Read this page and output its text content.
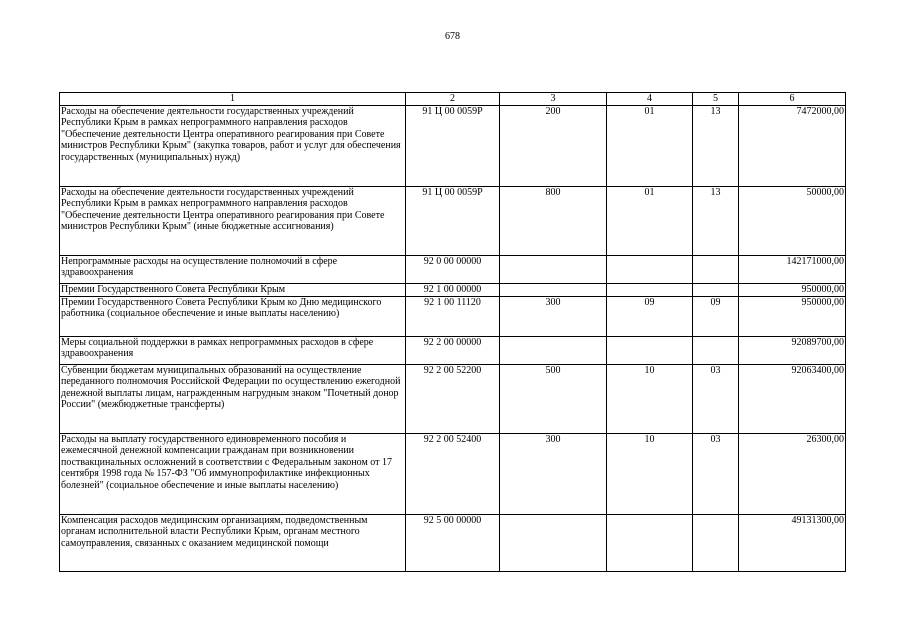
678
1	2	3	4	5	6
Расходы на обеспечение деятельности государственных учреждений Республики Крым в рамках непрограммного направления расходов "Обеспечение деятельности Центра оперативного реагирования при Совете министров Республики Крым" (закупка товаров, работ и услуг для обеспечения государственных (муниципальных) нужд)	91 Ц 00 0059Р	200	01	13	7472000,00
Расходы на обеспечение деятельности государственных учреждений Республики Крым в рамках непрограммного направления расходов "Обеспечение деятельности Центра оперативного реагирования при Совете министров Республики Крым" (иные бюджетные ассигнования)	91 Ц 00 0059Р	800	01	13	50000,00
Непрограммные расходы на осуществление полномочий в сфере здравоохранения	92 0 00 00000				142171000,00
Премии Государственного Совета Республики Крым	92 1 00 00000				950000,00
Премии Государственного Совета Республики Крым ко Дню медицинского работника (социальное обеспечение и иные выплаты населению)	92 1 00 11120	300	09	09	950000,00
Меры социальной поддержки в рамках непрограммных расходов в сфере здравоохранения	92 2 00 00000				92089700,00
Субвенции бюджетам муниципальных образований на осуществление переданного полномочия Российской Федерации по осуществлению ежегодной денежной выплаты лицам, награжденным нагрудным знаком "Почетный донор России" (межбюджетные трансферты)	92 2 00 52200	500	10	03	92063400,00
Расходы на выплату государственного единовременного пособия и ежемесячной денежной компенсации гражданам при возникновении поствакцинальных осложнений в соответствии с Федеральным законом от 17 сентября 1998 года № 157-ФЗ "Об иммунопрофилактике инфекционных болезней" (социальное обеспечение и иные выплаты населению)	92 2 00 52400	300	10	03	26300,00
Компенсация расходов медицинским организациям, подведомственным органам исполнительной власти Республики Крым, органам местного самоуправления, связанных с оказанием медицинской помощи	92 5 00 00000				49131300,00
